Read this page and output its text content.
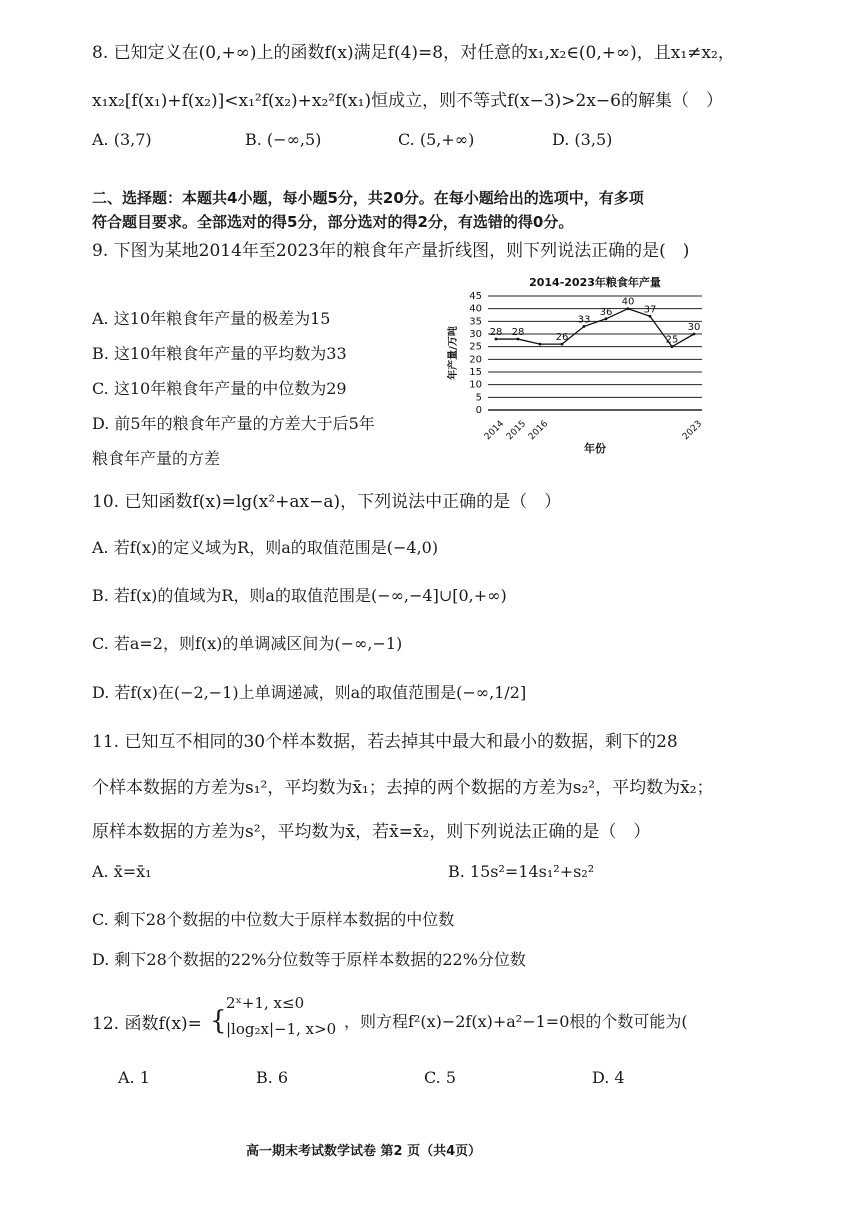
8. 已知定义在(0,+∞)上的函数f(x)满足f(4)=8，对任意的x₁,x₂∈(0,+∞)，且x₁≠x₂，
x₁x₂[f(x₁)+f(x₂)]<x₁²f(x₂)+x₂²f(x₁)恒成立，则不等式f(x−3)>2x−6的解集（　）
A. (3,7)	B. (−∞,5)	C. (5,+∞)	D. (3,5)
二、选择题：本题共4小题，每小题5分，共20分。在每小题给出的选项中，有多项
符合题目要求。全部选对的得5分，部分选对的得2分，有选错的得0分。
9. 下图为某地2014年至2023年的粮食年产量折线图，则下列说法正确的是(　)
A. 这10年粮食年产量的极差为15
B. 这10年粮食年产量的平均数为33
C. 这10年粮食年产量的中位数为29
D. 前5年的粮食年产量的方差大于后5年
粮食年产量的方差
2014-2023年粮食年产量
0
5
10
15
20
25
30
35
40
45
年产量/万吨	28 28	26
33
36
40
37
25
30
2014
2015
2016	2023
年份
10. 已知函数f(x)=lg(x²+ax−a)，下列说法中正确的是（　）
A. 若f(x)的定义域为R，则a的取值范围是(−4,0)
B. 若f(x)的值域为R，则a的取值范围是(−∞,−4]∪[0,+∞)
C. 若a=2，则f(x)的单调减区间为(−∞,−1)
D. 若f(x)在(−2,−1)上单调递减，则a的取值范围是(−∞,1/2]
11. 已知互不相同的30个样本数据，若去掉其中最大和最小的数据，剩下的28
个样本数据的方差为s₁²，平均数为x̄₁；去掉的两个数据的方差为s₂²，平均数为x̄₂；
原样本数据的方差为s²，平均数为x̄，若x̄=x̄₂，则下列说法正确的是（　）
A. x̄=x̄₁	B. 15s²=14s₁²+s₂²
C. 剩下28个数据的中位数大于原样本数据的中位数
D. 剩下28个数据的22%分位数等于原样本数据的22%分位数
12. 函数f(x)= {
2ˣ+1, x≤0
|log₂x|−1, x>0 ，则方程f²(x)−2f(x)+a²−1=0根的个数可能为(
A. 1	B. 6	C. 5	D. 4
高一期末考试数学试卷 第2 页（共4页）
